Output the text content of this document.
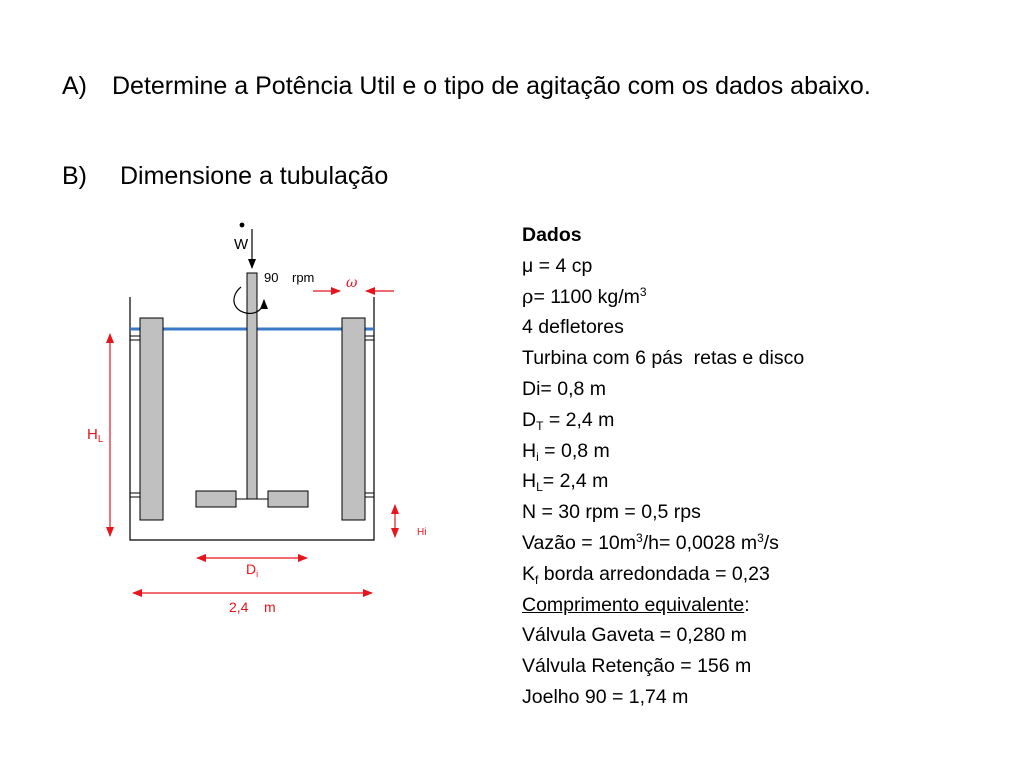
A) Determine a Potência Util e o tipo de agitação com os dados abaixo.
B) Dimensione a tubulação
W
90 rpm ω
$H_L$
Hi
$D_i$
2,4    m
Dados
μ = 4 cp
ρ= 1100 $kg/m^3$
4 defletores
Turbina com 6 pás  retas e disco
Di= 0,8 m
$D_T = 2,4$ m
$H_i = 0,8$ m
$H_L= 2,4$ m
N = 30 rpm = 0,5 rps
Vazão = $10m^3/h= 0,0028$ $m^3/s$
$K_f$ borda arredondada = 0,23
Comprimento equivalente:
Válvula Gaveta = 0,280 m
Válvula Retenção = 156 m
Joelho 90 = 1,74 m
